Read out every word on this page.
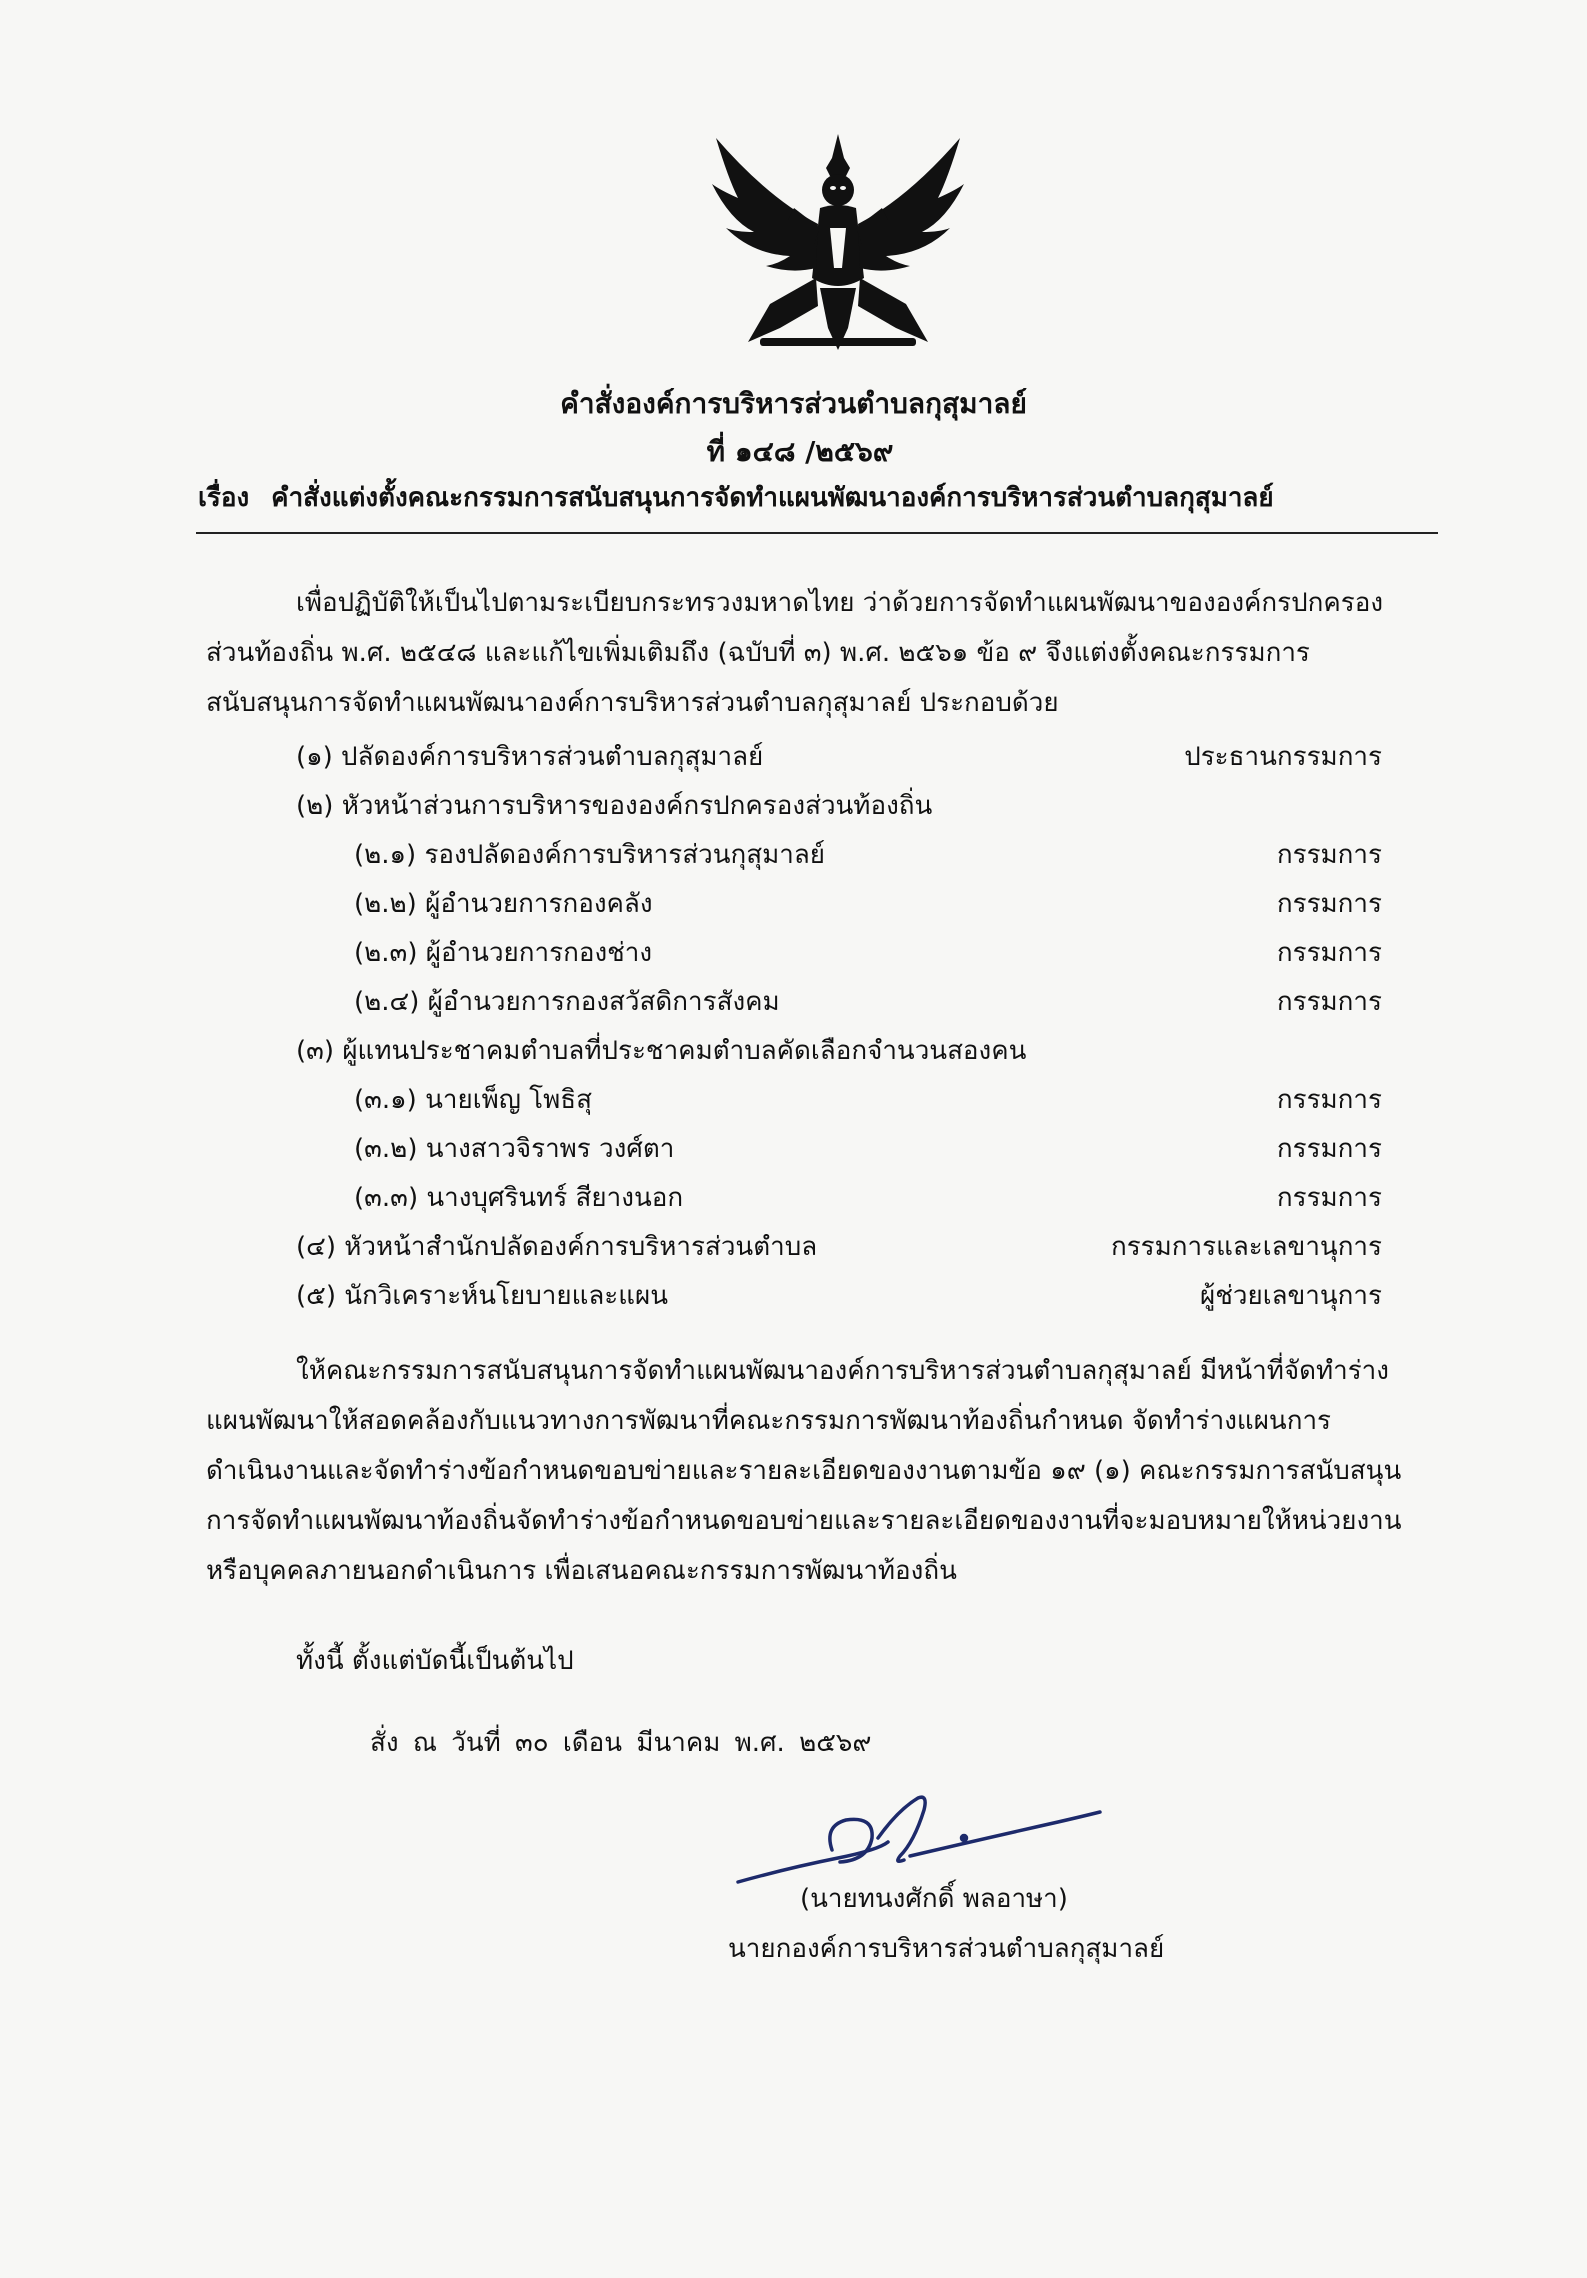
คำสั่งองค์การบริหารส่วนตำบลกุสุมาลย์
ที่ ๑๔๘ /๒๕๖๙
เรื่อง คำสั่งแต่งตั้งคณะกรรมการสนับสนุนการจัดทำแผนพัฒนาองค์การบริหารส่วนตำบลกุสุมาลย์
เพื่อปฏิบัติให้เป็นไปตามระเบียบกระทรวงมหาดไทย ว่าด้วยการจัดทำแผนพัฒนาขององค์กรปกครอง
ส่วนท้องถิ่น พ.ศ. ๒๕๔๘ และแก้ไขเพิ่มเติมถึง (ฉบับที่ ๓) พ.ศ. ๒๕๖๑ ข้อ ๙ จึงแต่งตั้งคณะกรรมการ
สนับสนุนการจัดทำแผนพัฒนาองค์การบริหารส่วนตำบลกุสุมาลย์ ประกอบด้วย
(๑) ปลัดองค์การบริหารส่วนตำบลกุสุมาลย์	ประธานกรรมการ
(๒) หัวหน้าส่วนการบริหารขององค์กรปกครองส่วนท้องถิ่น
(๒.๑) รองปลัดองค์การบริหารส่วนกุสุมาลย์	กรรมการ
(๒.๒) ผู้อำนวยการกองคลัง	กรรมการ
(๒.๓) ผู้อำนวยการกองช่าง	กรรมการ
(๒.๔) ผู้อำนวยการกองสวัสดิการสังคม	กรรมการ
(๓) ผู้แทนประชาคมตำบลที่ประชาคมตำบลคัดเลือกจำนวนสองคน
(๓.๑) นายเพ็ญ โพธิสุ	กรรมการ
(๓.๒) นางสาวจิราพร วงศ์ตา	กรรมการ
(๓.๓) นางบุศรินทร์ สียางนอก	กรรมการ
(๔) หัวหน้าสำนักปลัดองค์การบริหารส่วนตำบล	กรรมการและเลขานุการ
(๕) นักวิเคราะห์นโยบายและแผน	ผู้ช่วยเลขานุการ
ให้คณะกรรมการสนับสนุนการจัดทำแผนพัฒนาองค์การบริหารส่วนตำบลกุสุมาลย์ มีหน้าที่จัดทำร่าง
แผนพัฒนาให้สอดคล้องกับแนวทางการพัฒนาที่คณะกรรมการพัฒนาท้องถิ่นกำหนด จัดทำร่างแผนการ
ดำเนินงานและจัดทำร่างข้อกำหนดขอบข่ายและรายละเอียดของงานตามข้อ ๑๙ (๑) คณะกรรมการสนับสนุน
การจัดทำแผนพัฒนาท้องถิ่นจัดทำร่างข้อกำหนดขอบข่ายและรายละเอียดของงานที่จะมอบหมายให้หน่วยงาน
หรือบุคคลภายนอกดำเนินการ เพื่อเสนอคณะกรรมการพัฒนาท้องถิ่น
ทั้งนี้ ตั้งแต่บัดนี้เป็นต้นไป
สั่ง ณ วันที่ ๓๐ เดือน มีนาคม พ.ศ. ๒๕๖๙
(นายทนงศักดิ์ พลอาษา)
นายกองค์การบริหารส่วนตำบลกุสุมาลย์
